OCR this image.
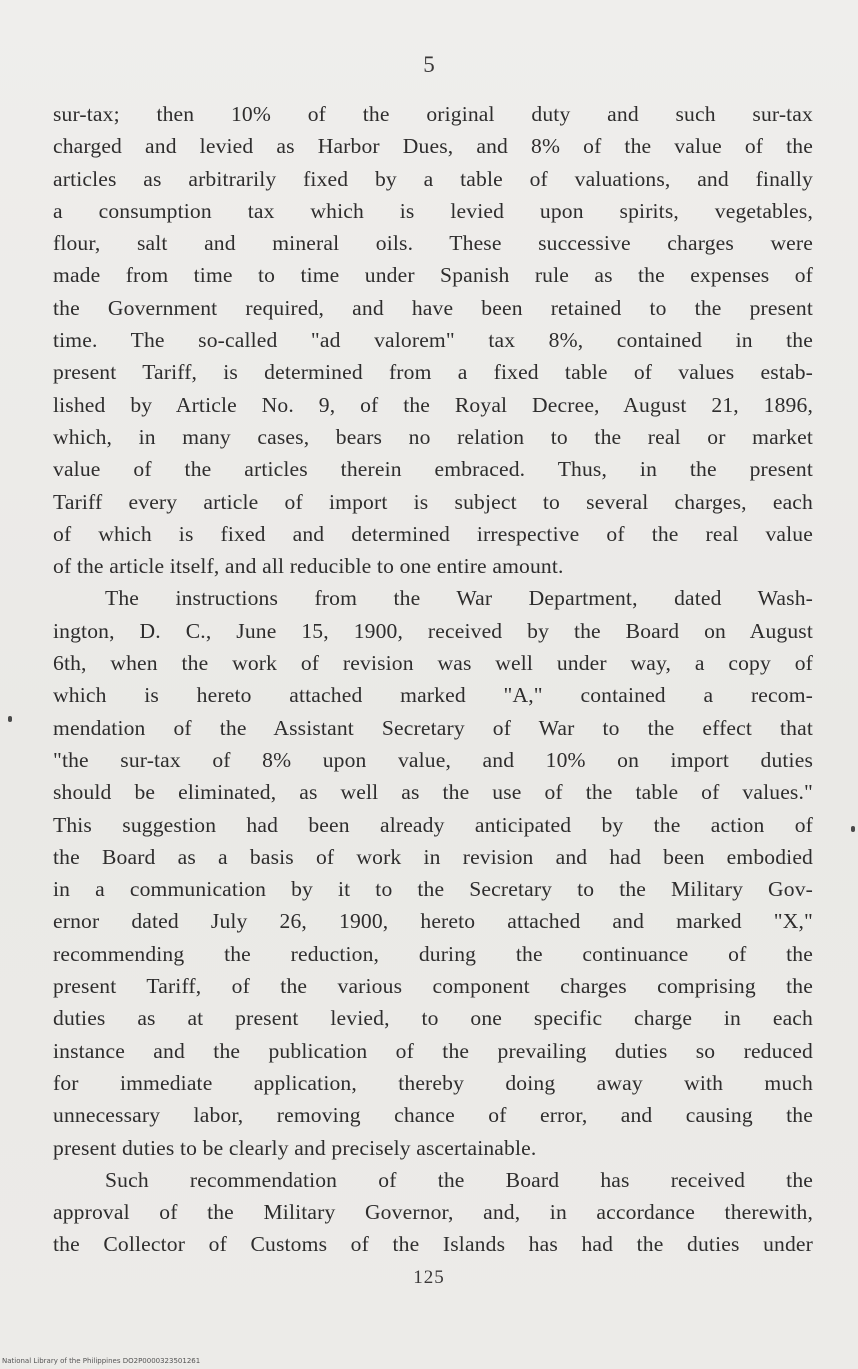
5
sur-tax; then 10% of the original duty and such sur-tax
charged and levied as Harbor Dues, and 8% of the value of the
articles as arbitrarily fixed by a table of valuations, and finally
a consumption tax which is levied upon spirits, vegetables,
flour, salt and mineral oils. These successive charges were
made from time to time under Spanish rule as the expenses of
the Government required, and have been retained to the present
time. The so-called "ad valorem" tax 8%, contained in the
present Tariff, is determined from a fixed table of values estab-
lished by Article No. 9, of the Royal Decree, August 21, 1896,
which, in many cases, bears no relation to the real or market
value of the articles therein embraced. Thus, in the present
Tariff every article of import is subject to several charges, each
of which is fixed and determined irrespective of the real value
of the article itself, and all reducible to one entire amount.
The instructions from the War Department, dated Wash-
ington, D. C., June 15, 1900, received by the Board on August
6th, when the work of revision was well under way, a copy of
which is hereto attached marked "A," contained a recom-
mendation of the Assistant Secretary of War to the effect that
"the sur-tax of 8% upon value, and 10% on import duties
should be eliminated, as well as the use of the table of values."
This suggestion had been already anticipated by the action of
the Board as a basis of work in revision and had been embodied
in a communication by it to the Secretary to the Military Gov-
ernor dated July 26, 1900, hereto attached and marked "X,"
recommending the reduction, during the continuance of the
present Tariff, of the various component charges comprising the
duties as at present levied, to one specific charge in each
instance and the publication of the prevailing duties so reduced
for immediate application, thereby doing away with much
unnecessary labor, removing chance of error, and causing the
present duties to be clearly and precisely ascertainable.
Such recommendation of the Board has received the
approval of the Military Governor, and, in accordance therewith,
the Collector of Customs of the Islands has had the duties under
125
National Library of the Philippines DO2P0000323501261
